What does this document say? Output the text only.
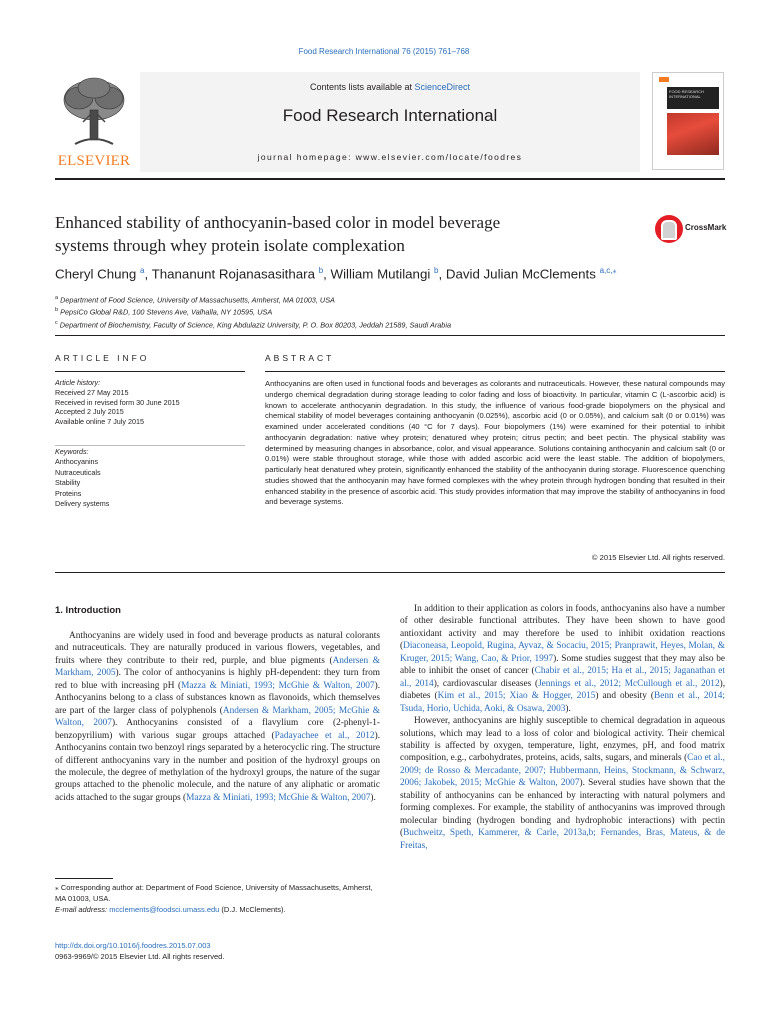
Food Research International 76 (2015) 761–768
ELSEVIER
Contents lists available at ScienceDirect
Food Research International
journal homepage: www.elsevier.com/locate/foodres
FOOD RESEARCH INTERNATIONAL
Enhanced stability of anthocyanin-based color in model beverage
systems through whey protein isolate complexation
CrossMark
Cheryl Chung $^a$, Thananunt Rojanasasithara $^b$, William Mutilangi $^b$, David Julian McClements $^{a,c,⁎}$
$^a$ Department of Food Science, University of Massachusetts, Amherst, MA 01003, USA
$^b$ PepsiCo Global R&D, 100 Stevens Ave, Valhalla, NY 10595, USA
$^c$ Department of Biochemistry, Faculty of Science, King Abdulaziz University, P. O. Box 80203, Jeddah 21589, Saudi Arabia
ARTICLE INFO	ABSTRACT
Article history:
Received 27 May 2015
Received in revised form 30 June 2015
Accepted 2 July 2015
Available online 7 July 2015
Keywords:
Anthocyanins
Nutraceuticals
Stability
Proteins
Delivery systems
Anthocyanins are often used in functional foods and beverages as colorants and nutraceuticals. However, these natural compounds may undergo chemical degradation during storage leading to color fading and loss of bioactivity. In particular, vitamin C (L-ascorbic acid) is known to accelerate anthocyanin degradation. In this study, the influence of various food-grade biopolymers on the physical and chemical stability of model beverages containing anthocyanin (0.025%), ascorbic acid (0 or 0.05%), and calcium salt (0 or 0.01%) was examined under accelerated conditions (40 °C for 7 days). Four biopolymers (1%) were examined for their potential to inhibit anthocyanin degradation: native whey protein; denatured whey protein; citrus pectin; and beet pectin. The physical stability was determined by measuring changes in absorbance, color, and visual appearance. Solutions containing anthocyanin and calcium salt (0 or 0.01%) were stable throughout storage, while those with added ascorbic acid were the least stable. The addition of biopolymers, particularly heat denatured whey protein, significantly enhanced the stability of the anthocyanin during storage. Fluorescence quenching studies showed that the anthocyanin may have formed complexes with the whey protein through hydrogen bonding that resulted in their enhanced stability in the presence of ascorbic acid. This study provides information that may improve the stability of anthocyanins in food and beverage systems.
© 2015 Elsevier Ltd. All rights reserved.
1. Introduction

Anthocyanins are widely used in food and beverage products as natural colorants and nutraceuticals. They are naturally produced in various flowers, vegetables, and fruits where they contribute to their red, purple, and blue pigments (Andersen & Markham, 2005). The color of anthocyanins is highly pH-dependent: they turn from red to blue with increasing pH (Mazza & Miniati, 1993; McGhie & Walton, 2007). Anthocyanins belong to a class of substances known as flavonoids, which themselves are part of the larger class of polyphenols (Andersen & Markham, 2005; McGhie & Walton, 2007). Anthocyanins consisted of a flavylium core (2-phenyl-1-benzopyrilium) with various sugar groups attached (Padayachee et al., 2012). Anthocyanins contain two benzoyl rings separated by a heterocyclic ring. The structure of different anthocyanins vary in the number and position of the hydroxyl groups on the molecule, the degree of methylation of the hydroxyl groups, the nature of the sugar groups attached to the phenolic molecule, and the nature of any aliphatic or aromatic acids attached to the sugar groups (Mazza & Miniati, 1993; McGhie & Walton, 2007).

In addition to their application as colors in foods, anthocyanins also have a number of other desirable functional attributes. They have been shown to have good antioxidant activity and may therefore be used to inhibit oxidation reactions (Diaconeasa, Leopold, Rugina, Ayvaz, & Socaciu, 2015; Pranprawit, Heyes, Molan, & Kruger, 2015; Wang, Cao, & Prior, 1997). Some studies suggest that they may also be able to inhibit the onset of cancer (Chabir et al., 2015; Ha et al., 2015; Jaganathan et al., 2014), cardiovascular diseases (Jennings et al., 2012; McCullough et al., 2012), diabetes (Kim et al., 2015; Xiao & Hogger, 2015) and obesity (Benn et al., 2014; Tsuda, Horio, Uchida, Aoki, & Osawa, 2003).

However, anthocyanins are highly susceptible to chemical degradation in aqueous solutions, which may lead to a loss of color and biological activity. Their chemical stability is affected by oxygen, temperature, light, enzymes, pH, and food matrix composition, e.g., carbohydrates, proteins, acids, salts, sugars, and minerals (Cao et al., 2009; de Rosso & Mercadante, 2007; Hubbermann, Heins, Stockmann, & Schwarz, 2006; Jakobek, 2015; McGhie & Walton, 2007). Several studies have shown that the stability of anthocyanins can be enhanced by interacting with natural polymers and forming complexes. For example, the stability of anthocyanins was improved through molecular binding (hydrogen bonding and hydrophobic interactions) with pectin (Buchweitz, Speth, Kammerer, & Carle, 2013a,b; Fernandes, Bras, Mateus, & de Freitas,

⁎ Corresponding author at: Department of Food Science, University of Massachusetts, Amherst, MA 01003, USA.
E-mail address: mcclements@foodsci.umass.edu (D.J. McClements).
http://dx.doi.org/10.1016/j.foodres.2015.07.003
0963-9969/© 2015 Elsevier Ltd. All rights reserved.
